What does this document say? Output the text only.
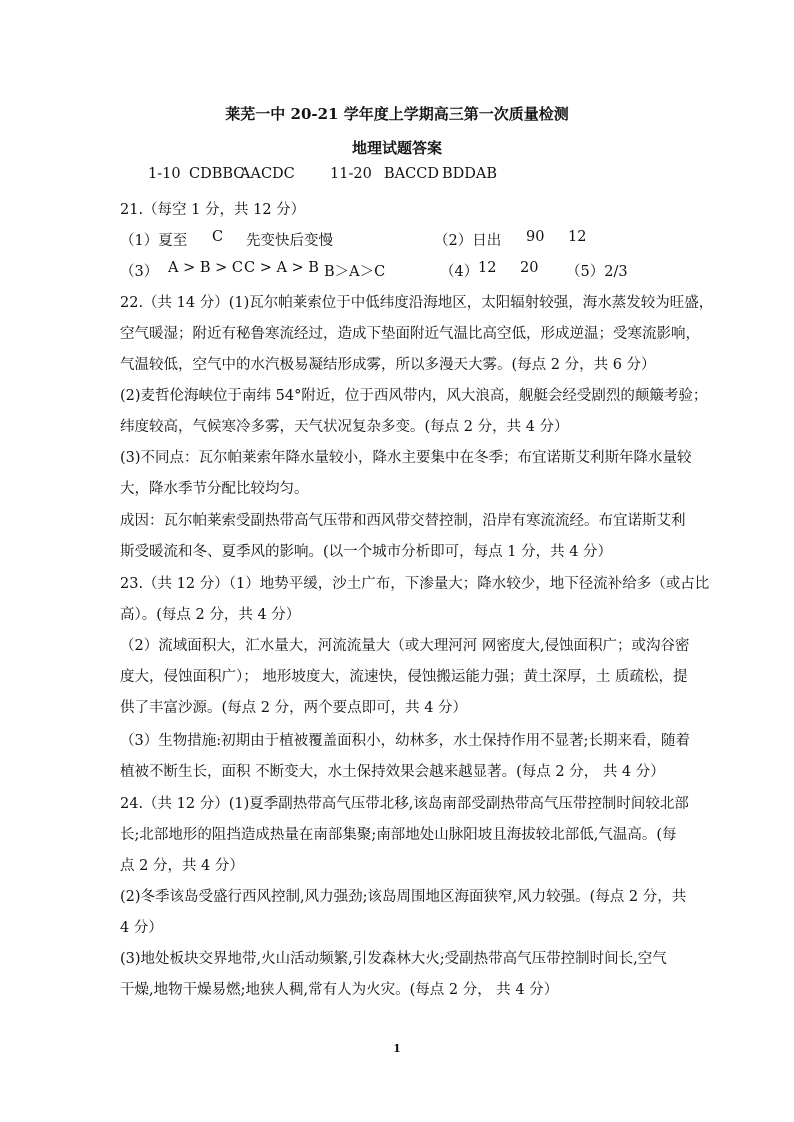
莱芜一中 20-21 学年度上学期高三第一次质量检测
地理试题答案
1-10 CDBBC
AACDC 11-20 BACCD BDDAB
21.（每空 1 分，共 12 分）
（1）夏至 C 先变快后变慢	（2）日出 90 12
（3） A > B > C C > A > B B＞A＞C	（4） 12 20 （5）2/3
22.（共 14 分）(1)瓦尔帕莱索位于中低纬度沿海地区，太阳辐射较强，海水蒸发较为旺盛，
空气暖湿；附近有秘鲁寒流经过，造成下垫面附近气温比高空低，形成逆温；受寒流影响，
气温较低，空气中的水汽极易凝结形成雾，所以多漫天大雾。(每点 2 分，共 6 分）
(2)麦哲伦海峡位于南纬 54°附近，位于西风带内，风大浪高，舰艇会经受剧烈的颠簸考验；
纬度较高，气候寒冷多雾，天气状况复杂多变。(每点 2 分，共 4 分）
(3)不同点：瓦尔帕莱索年降水量较小，降水主要集中在冬季；布宜诺斯艾利斯年降水量较
大，降水季节分配比较均匀。
成因：瓦尔帕莱索受副热带高气压带和西风带交替控制，沿岸有寒流流经。布宜诺斯艾利
斯受暖流和冬、夏季风的影响。(以一个城市分析即可，每点 1 分，共 4 分）
23.（共 12 分）（1）地势平缓，沙土广布，下渗量大；降水较少，地下径流补给多（或占比
高）。(每点 2 分，共 4 分）
（2）流域面积大，汇水量大，河流流量大（或大理河河 网密度大,侵蚀面积广；或沟谷密
度大，侵蚀面积广）； 地形坡度大，流速快，侵蚀搬运能力强；黄土深厚，土 质疏松，提
供了丰富沙源。(每点 2 分，两个要点即可，共 4 分）
（3）生物措施:初期由于植被覆盖面积小，幼林多，水土保持作用不显著;长期来看，随着
植被不断生长，面积 不断变大，水土保持效果会越来越显著。(每点 2 分， 共 4 分）
24.（共 12 分）(1)夏季副热带高气压带北移,该岛南部受副热带高气压带控制时间较北部
长;北部地形的阻挡造成热量在南部集聚;南部地处山脉阳坡且海拔较北部低,气温高。(每
点 2 分，共 4 分）
(2)冬季该岛受盛行西风控制,风力强劲;该岛周围地区海面狭窄,风力较强。(每点 2 分，共
4 分）
(3)地处板块交界地带,火山活动频繁,引发森林大火;受副热带高气压带控制时间长,空气
干燥,地物干燥易燃;地狭人稠,常有人为火灾。(每点 2 分， 共 4 分）
1
